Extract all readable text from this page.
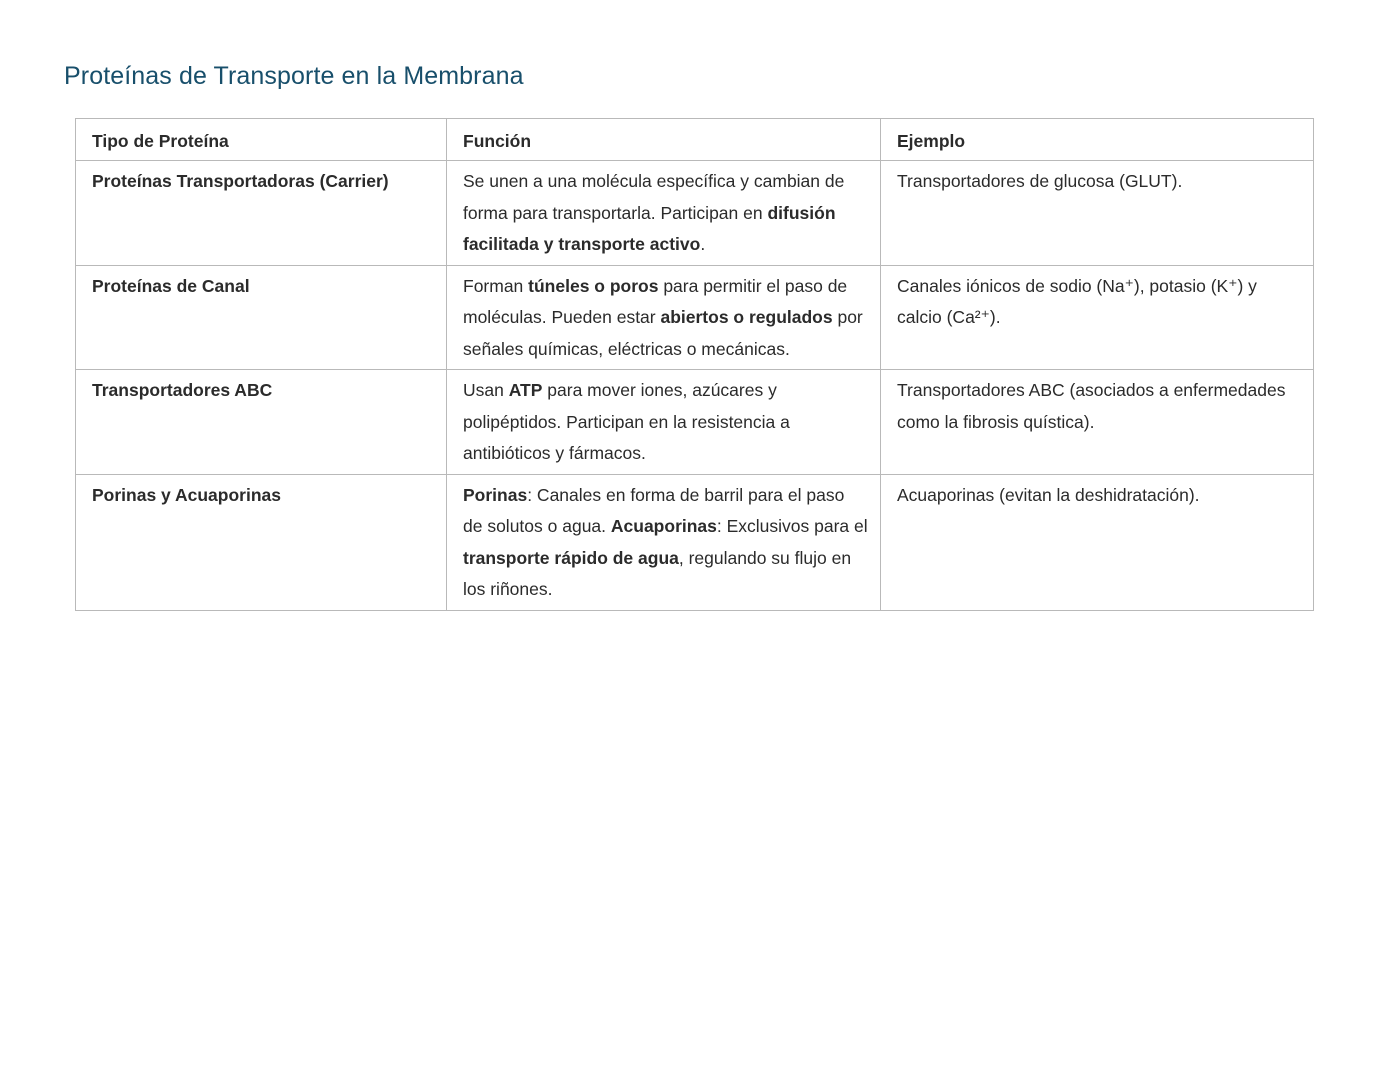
Proteínas de Transporte en la Membrana
Tipo de Proteína	Función	Ejemplo
Proteínas Transportadoras (Carrier)	Se unen a una molécula específica y cambian de forma para transportarla. Participan en difusión facilitada y transporte activo.	Transportadores de glucosa (GLUT).
Proteínas de Canal	Forman túneles o poros para permitir el paso de moléculas. Pueden estar abiertos o regulados por señales químicas, eléctricas o mecánicas.	Canales iónicos de sodio (Na⁺), potasio (K⁺) y calcio (Ca²⁺).
Transportadores ABC	Usan ATP para mover iones, azúcares y polipéptidos. Participan en la resistencia a antibióticos y fármacos.	Transportadores ABC (asociados a enfermedades como la fibrosis quística).
Porinas y Acuaporinas	Porinas: Canales en forma de barril para el paso de solutos o agua. Acuaporinas: Exclusivos para el transporte rápido de agua, regulando su flujo en los riñones.	Acuaporinas (evitan la deshidratación).
